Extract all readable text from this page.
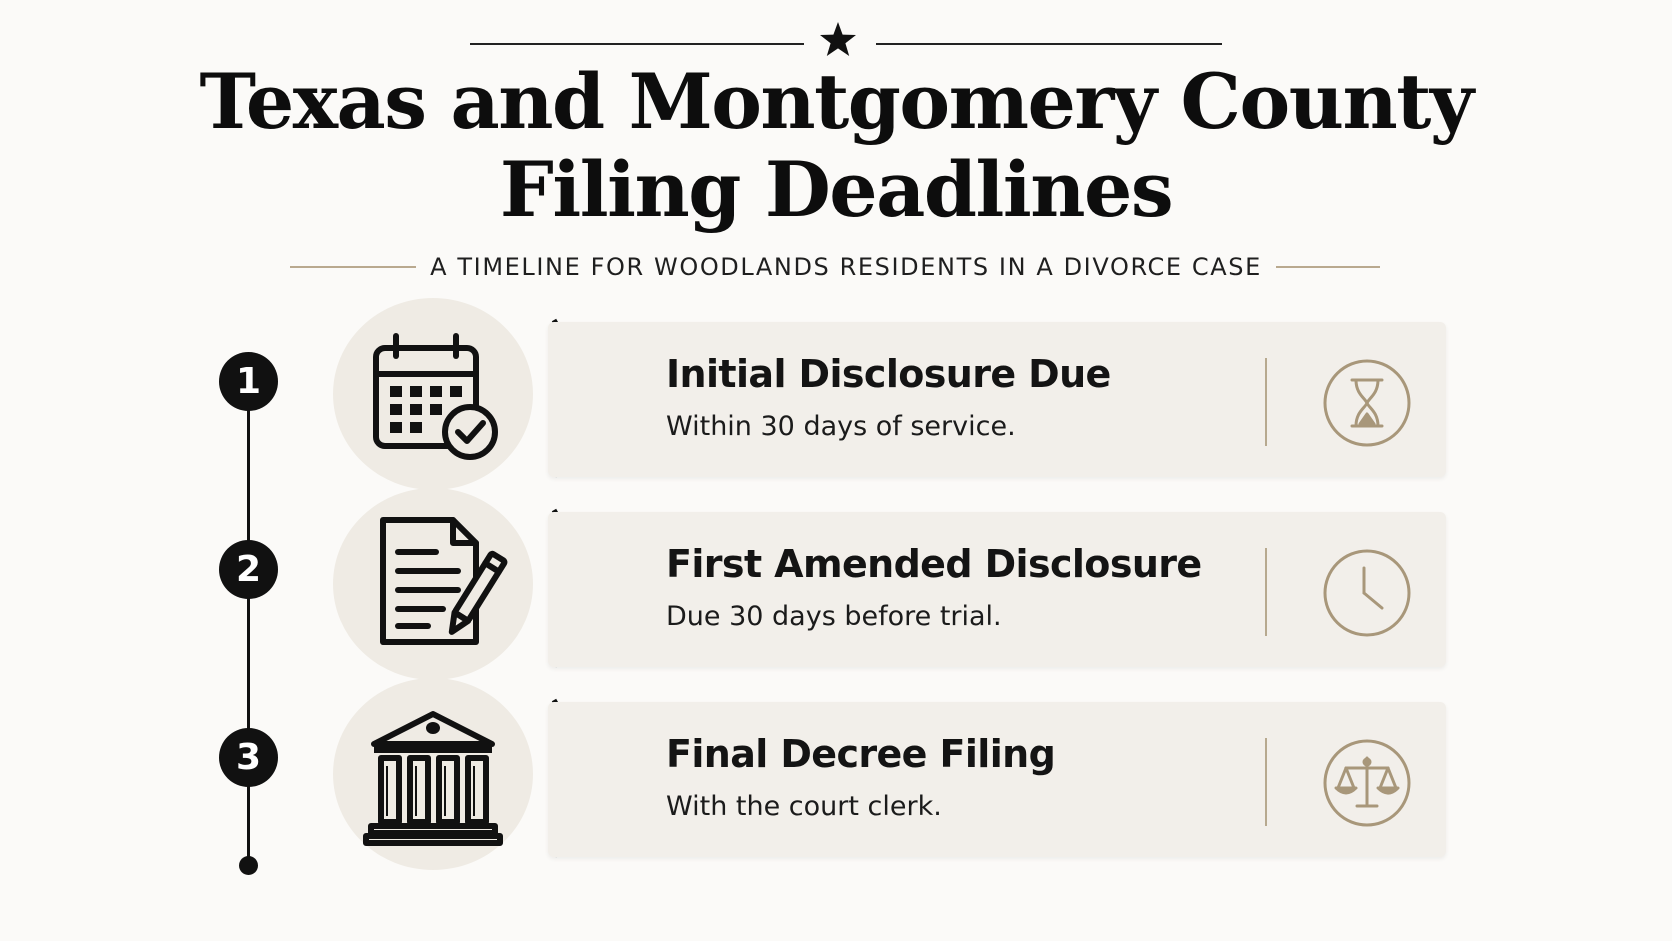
Texas and Montgomery County
Filing Deadlines
A TIMELINE FOR WOODLANDS RESIDENTS IN A DIVORCE CASE
1	Initial Disclosure Due
Within 30 days of service.
2	First Amended Disclosure
Due 30 days before trial.
3	Final Decree Filing
With the court clerk.
